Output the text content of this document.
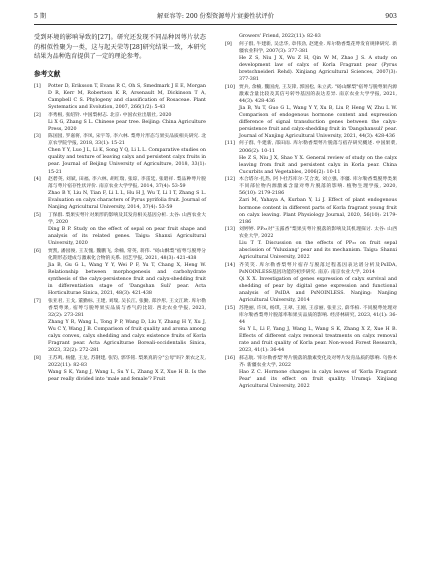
5 期	解亚容等: 200 份梨资源萼片衰萎性状评价	903

受到环境的影响导致的[27]。研究还发现不同品种因萼片状态的相似性聚为一类，这与起天荣等[28]研究结果一致，本研究结果为品种选育提供了一定的理论参考。

参考文献
[1]	Potter D, Eriksson T, Evans R C, Oh S, Smedmark J E E, Morgan D R, Kerr M, Robertson K R, Arsenault M, Dickinson T A, Campbell C S. Phylogeny and classification of Rosaceae. Plant Systematics and Evolution, 2007, 266(1/2): 5-43
[2]	李秀根, 张绍铃. 中国梨树志. 北京: 中国农业出版社, 2020
Li X G, Zhang S L. Chinese pear tree. Beijing: China Agriculture Press, 2020
[3]	陈国园, 罗嘉将, 李凤, 宋宇等, 李六林. 梨萼片形态与果实品质相关研究. 北京农学院学报, 2018, 33(1): 15-21
Chen Y Y, Luo J L, Li K, Song Y Q, Li L L. Comparative studies on quality and texture of leaving calyx and persistent calyx fruits in pear. Journal of Beijing University of Agriculture, 2018, 33(1): 15-21
[4]	赵碧英, 刘斌, 田福, 李六林, 胡红瑞, 张琼, 李雷廷, 张昭祥. 梨品种萼片脱落与萼片宿存性状评价. 南京农业大学学报, 2014, 37(4): 53-59
Zhao B Y, Liu N, Tian F, Li L L, Hu H J, Wu T, Li I T, Zhang S L. Evaluation on calyx characters of Pyrus pyrifolia fruit. Journal of Nanjing Agricultural University, 2014, 37(4): 53-59
[5]	丁保群. 梨果实萼片对果形的影响及其发育相关基因分析. 太谷: 山西农业大学, 2020
Ding B P. Study on the effect of sepal on pear fruit shape and analysis of its related genes. Taigu: Shanxi Agricultural University, 2020
[6]	贾凯, 潘园俊, 王友愧, 魏鹏飞, 余楠, 常英, 蒋伟. "砀山酥梨"宿萼与脱萼分化期形态建成与激素化合物的关系. 园艺学报, 2021, 48(3): 421-438
Jia B, Gu G L, Wang Y Y, Wei P F, Yu T, Chang X, Heng W. Relationship between morphogenesis and carbohydrate synthesis of the calyx-persistence fruit and calyx-shedding fruit in differentiation stage of 'Dangshan Suli' pear. Acta Horticulturae Sinica, 2021, 48(3): 421-438
[7]	张亚君, 王戈, 董勤标, 王建, 刘瑞, 吴长江, 张勤, 郑沙彤, 王文江欧. 库尔勒香梨萼果, 宿萼与脱萼果实品质与香气的比较. 西北农业学报, 2023, 32(2): 273-281
Zhang Y R, Wang L, Tong P P, Wang D, Liu Y, Zhang H Y, Xu J, Wu C Y, Wang J B. Comparison of fruit quality and aroma among calyx convex, calyx shedding and calyx existence fruits of Korla Fragrant pear. Acta Agriculturae Boreali-occidentalis Sinica, 2023, 32(2): 272-281
[8]	王苏鸣, 杨健, 王龙, 苏钢建, 张钧, 郭华铭. 梨果真的分"公母"吗? 果农之友, 2022(11): 82-83
Wang S K, Yang J, Wang L, Su Y L, Zhang X Z, Xue H B. Is the pear really divided into 'male and female'? Fruit
Growers' Friend, 2022(11): 82-83
[9]	何子群, 牛建新, 吴忠华, 章伟劲, 赵建业. 库尔勒香梨花萼发育规律研究. 新疆农业科学, 2007(3): 377-381
He Z S, Niu J X, Wu Z H, Qin W M, Zhao J S. A study on development law of calyx of Korla Fragrant pear (Pyrus bretschneideri Rehd). Xinjiang Agricultural Sciences, 2007(3): 377-381
[10] 贾兵, 余楠, 魏国虎, 王友锋, 郭国松, 朱立武. "砀山酥梨"宿萼与脱萼果内源激素含量比较及其信号转导基因的表达差异. 南京农业大学学报, 2021, 44(3): 428-436
Jia B, Yu T, Guo G L, Wang Y Y, Xu B, Liu P, Heng W, Zhu L W. Comparison of endogenous hormone content and expression difference of signal transduction genes between the calyx-persistence fruit and calyx-shedding fruit in 'Dangshansuli' pear. Journal of Nanjing Agricultural University, 2021, 44(3): 428-436
[11] 何子群, 牛建新, 邵田雨. 库尔勒香梨萼片脱落与宿存研究概述. 中国果菜, 2006(2): 10-11
He Z S, Niu J X, Shao Y X. General review of study on the calyx leaving from fruit and persistent calyx in Korla pear. China Cucurbits and Vegetables, 2006(2): 10-11
[12] 木合塔尔·扎热, 阿卜杜苏库尔·艾合麦, 刘立强, 李疆. 库尔勒香梨脱萼类果不同部位物内源激素含量对萼片脱落的影响. 植物生理学报, 2020, 56(10): 2179-2186
Zari M, Yahaya A, Kurban Y, Li J. Effect of plant endogenous hormone content in different parts of Korla fragrant young fruit on calyx leaving. Plant Physiology Journal, 2020, 56(10): 2179-2186
[13] 刘婷婷. PP₃₃对"玉露香"梨果实萼片脱落的影响及其机理探讨. 太谷: 山西农业大学, 2022
Liu T T. Discussion on the effects of PP₃₃ on fruit sepal abscission of 'Yuluxiang' pear and its mechanism. Taigu: Shanxi Agricultural University, 2022
[14] 齐笑笑. 库尔勒香梨萼片宿存与脱落过程基因表达谱分析及PsIDA, PsNOINLESS基因功能的初步研究. 南京: 南京农业大学, 2014
Qi X X. Investigation of genes expression of calyx survival and shedding of pear by digital gene expression and functional analysis of PsIDA and PsNOINLESS. Nanjing: Nanjing Agricultural University, 2014
[15] 苏艳丽, 许凤, 杨琪, 王翠, 王刚, 王彦丽, 张亚云, 薛华柏. 不同脱萼处理对库尔勒香梨萼片脱落率和果实品质的影响. 经济林研究, 2023, 41(1): 36-44
Su Y L, Li F, Yang J, Wang L, Wang S K, Zhang X Z, Xue H B. Effects of different calyx removal treatments on calyx removal rate and fruit quality of Korla pear. Non-wood Forest Research, 2023, 41(1): 36-44
[16] 郝志航. '库尔勒香梨'萼片脱落的激素变化及对萼片发育品质的影响. 乌鲁木齐: 新疆农业大学, 2022
Hao Z C. Hormone changes in calyx leaves of 'Korla Fragrant Pear' and its effect on fruit quality. Urumqi: Xinjiang Agricultural University, 2022
